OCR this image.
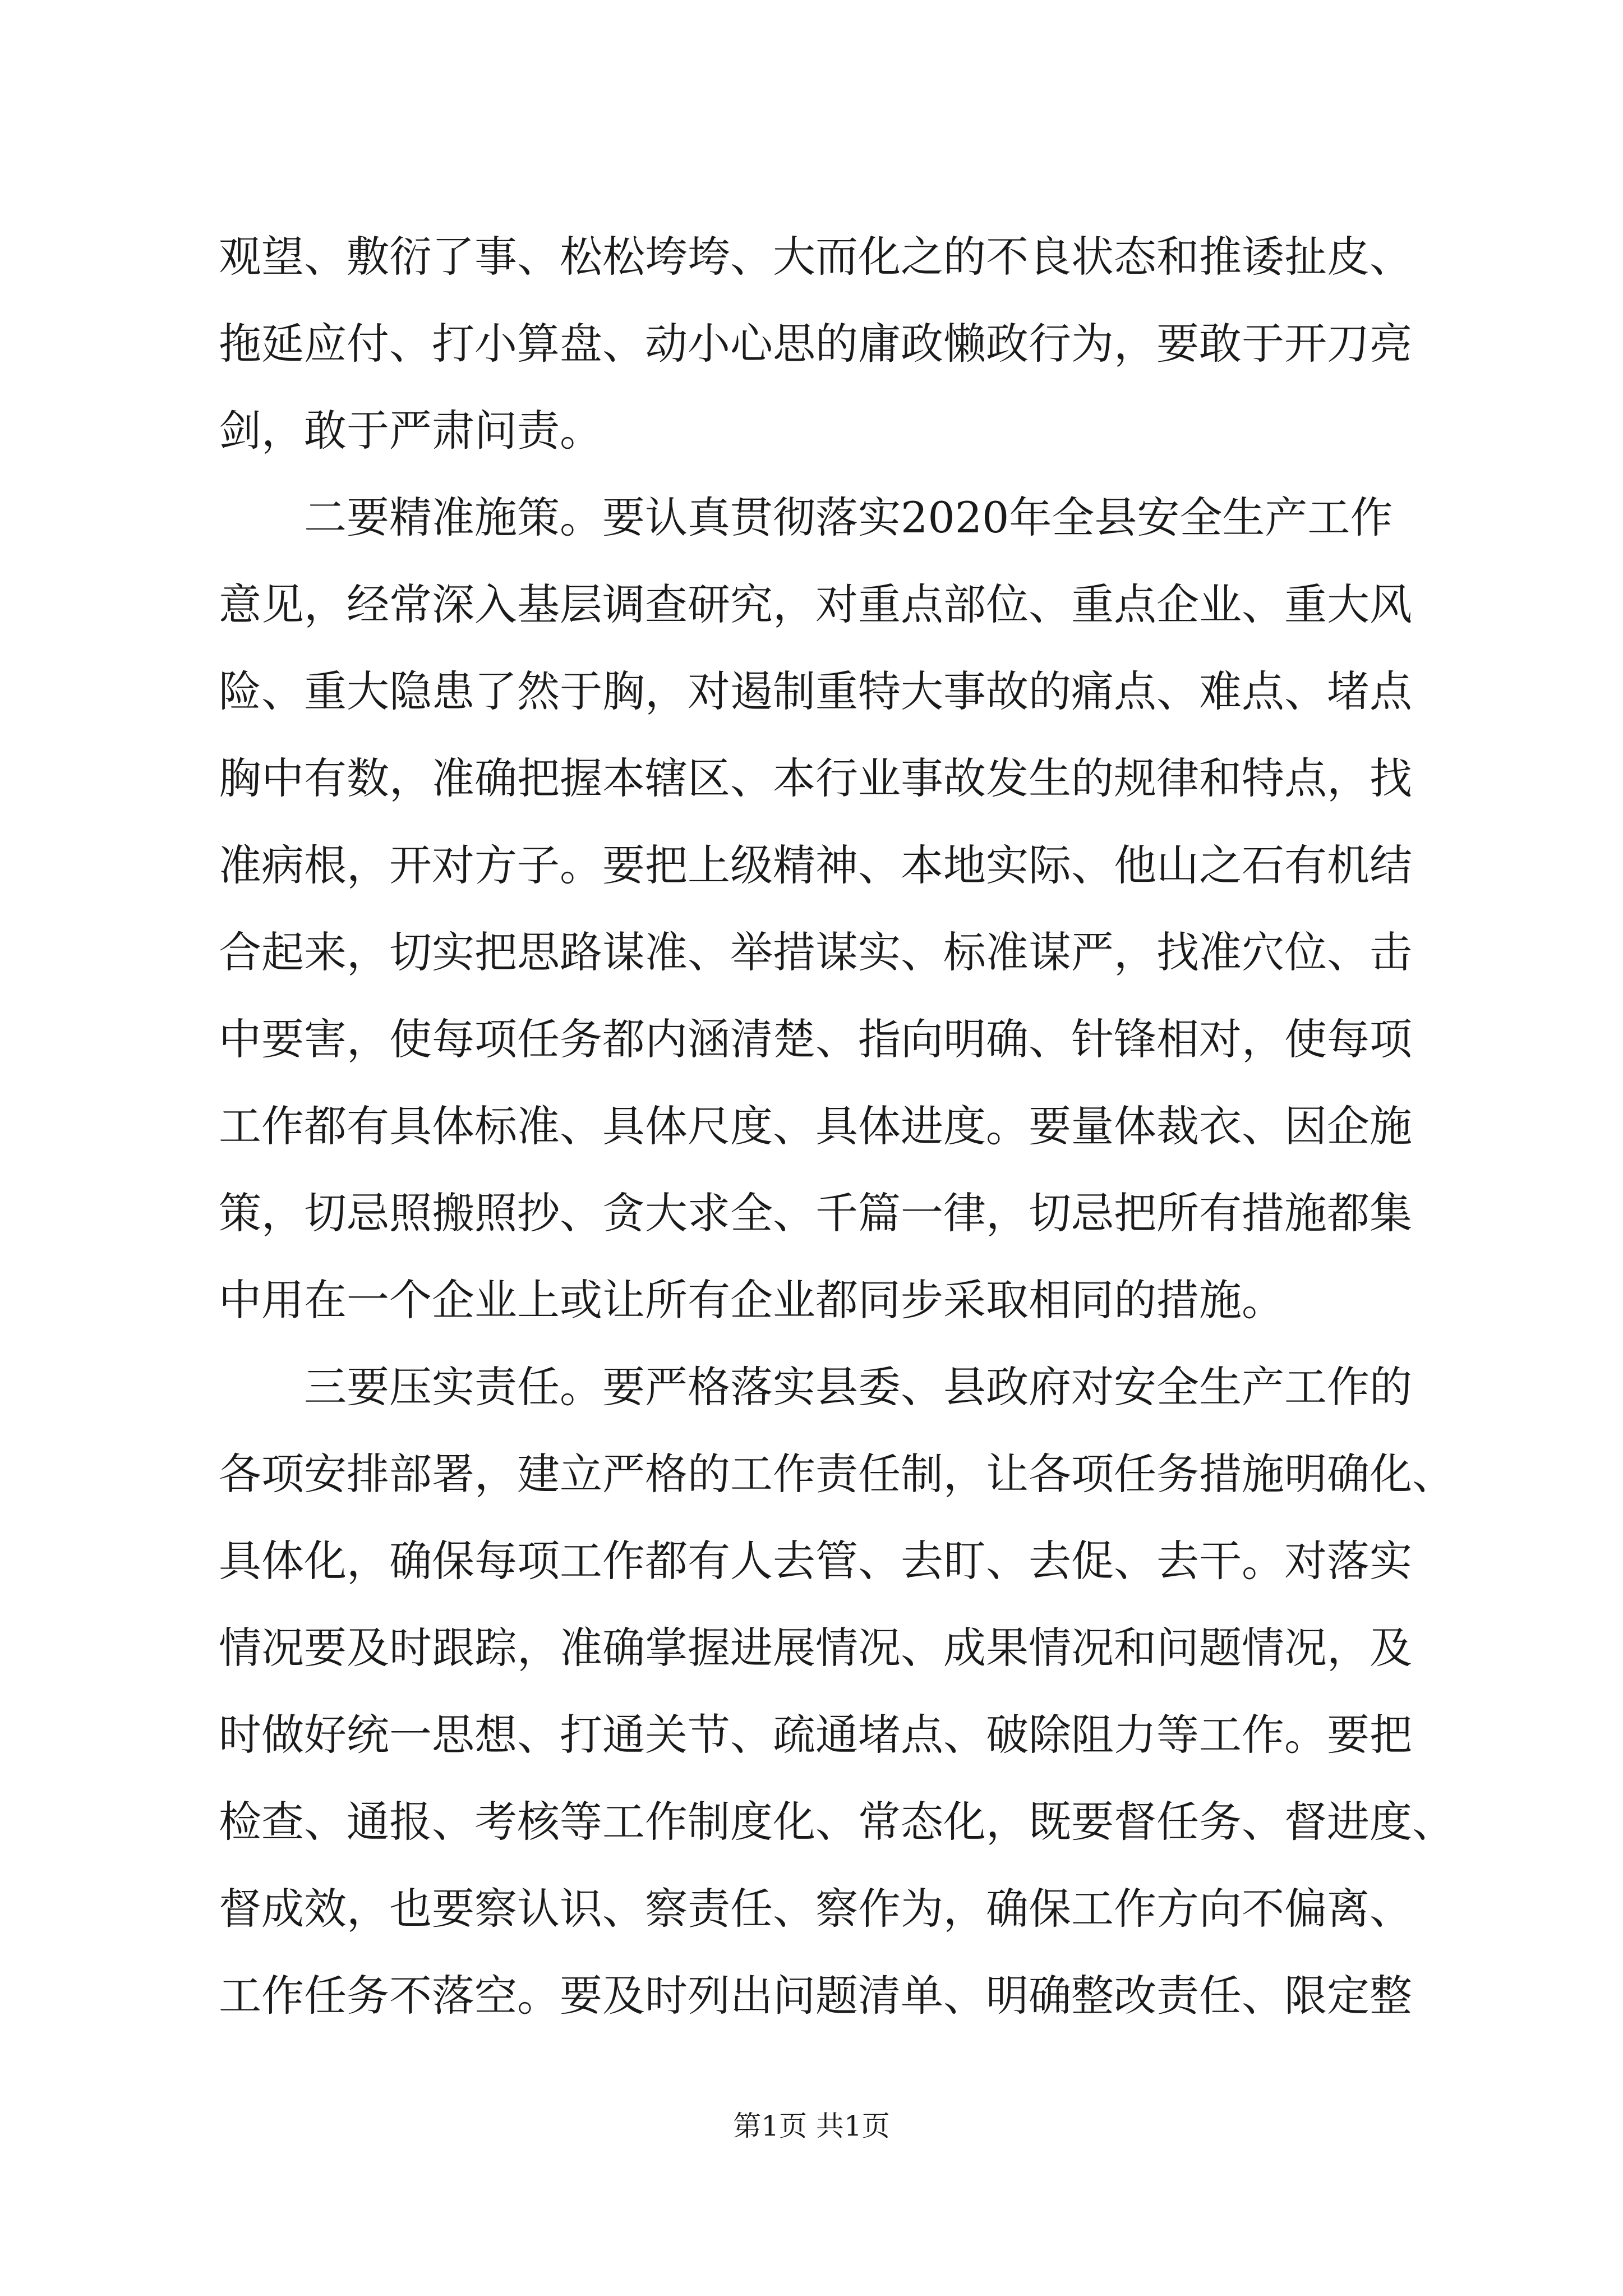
观望、敷衍了事、松松垮垮、大而化之的不良状态和推诿扯皮、
拖延应付、打小算盘、动小心思的庸政懒政行为，要敢于开刀亮
剑，敢于严肃问责。
二要精准施策。要认真贯彻落实2020年全县安全生产工作
意见，经常深入基层调查研究，对重点部位、重点企业、重大风
险、重大隐患了然于胸，对遏制重特大事故的痛点、难点、堵点
胸中有数，准确把握本辖区、本行业事故发生的规律和特点，找
准病根，开对方子。要把上级精神、本地实际、他山之石有机结
合起来，切实把思路谋准、举措谋实、标准谋严，找准穴位、击
中要害，使每项任务都内涵清楚、指向明确、针锋相对，使每项
工作都有具体标准、具体尺度、具体进度。要量体裁衣、因企施
策，切忌照搬照抄、贪大求全、千篇一律，切忌把所有措施都集
中用在一个企业上或让所有企业都同步采取相同的措施。
三要压实责任。要严格落实县委、县政府对安全生产工作的
各项安排部署，建立严格的工作责任制，让各项任务措施明确化、
具体化，确保每项工作都有人去管、去盯、去促、去干。对落实
情况要及时跟踪，准确掌握进展情况、成果情况和问题情况，及
时做好统一思想、打通关节、疏通堵点、破除阻力等工作。要把
检查、通报、考核等工作制度化、常态化，既要督任务、督进度、
督成效，也要察认识、察责任、察作为，确保工作方向不偏离、
工作任务不落空。要及时列出问题清单、明确整改责任、限定整
第1页 共1页
